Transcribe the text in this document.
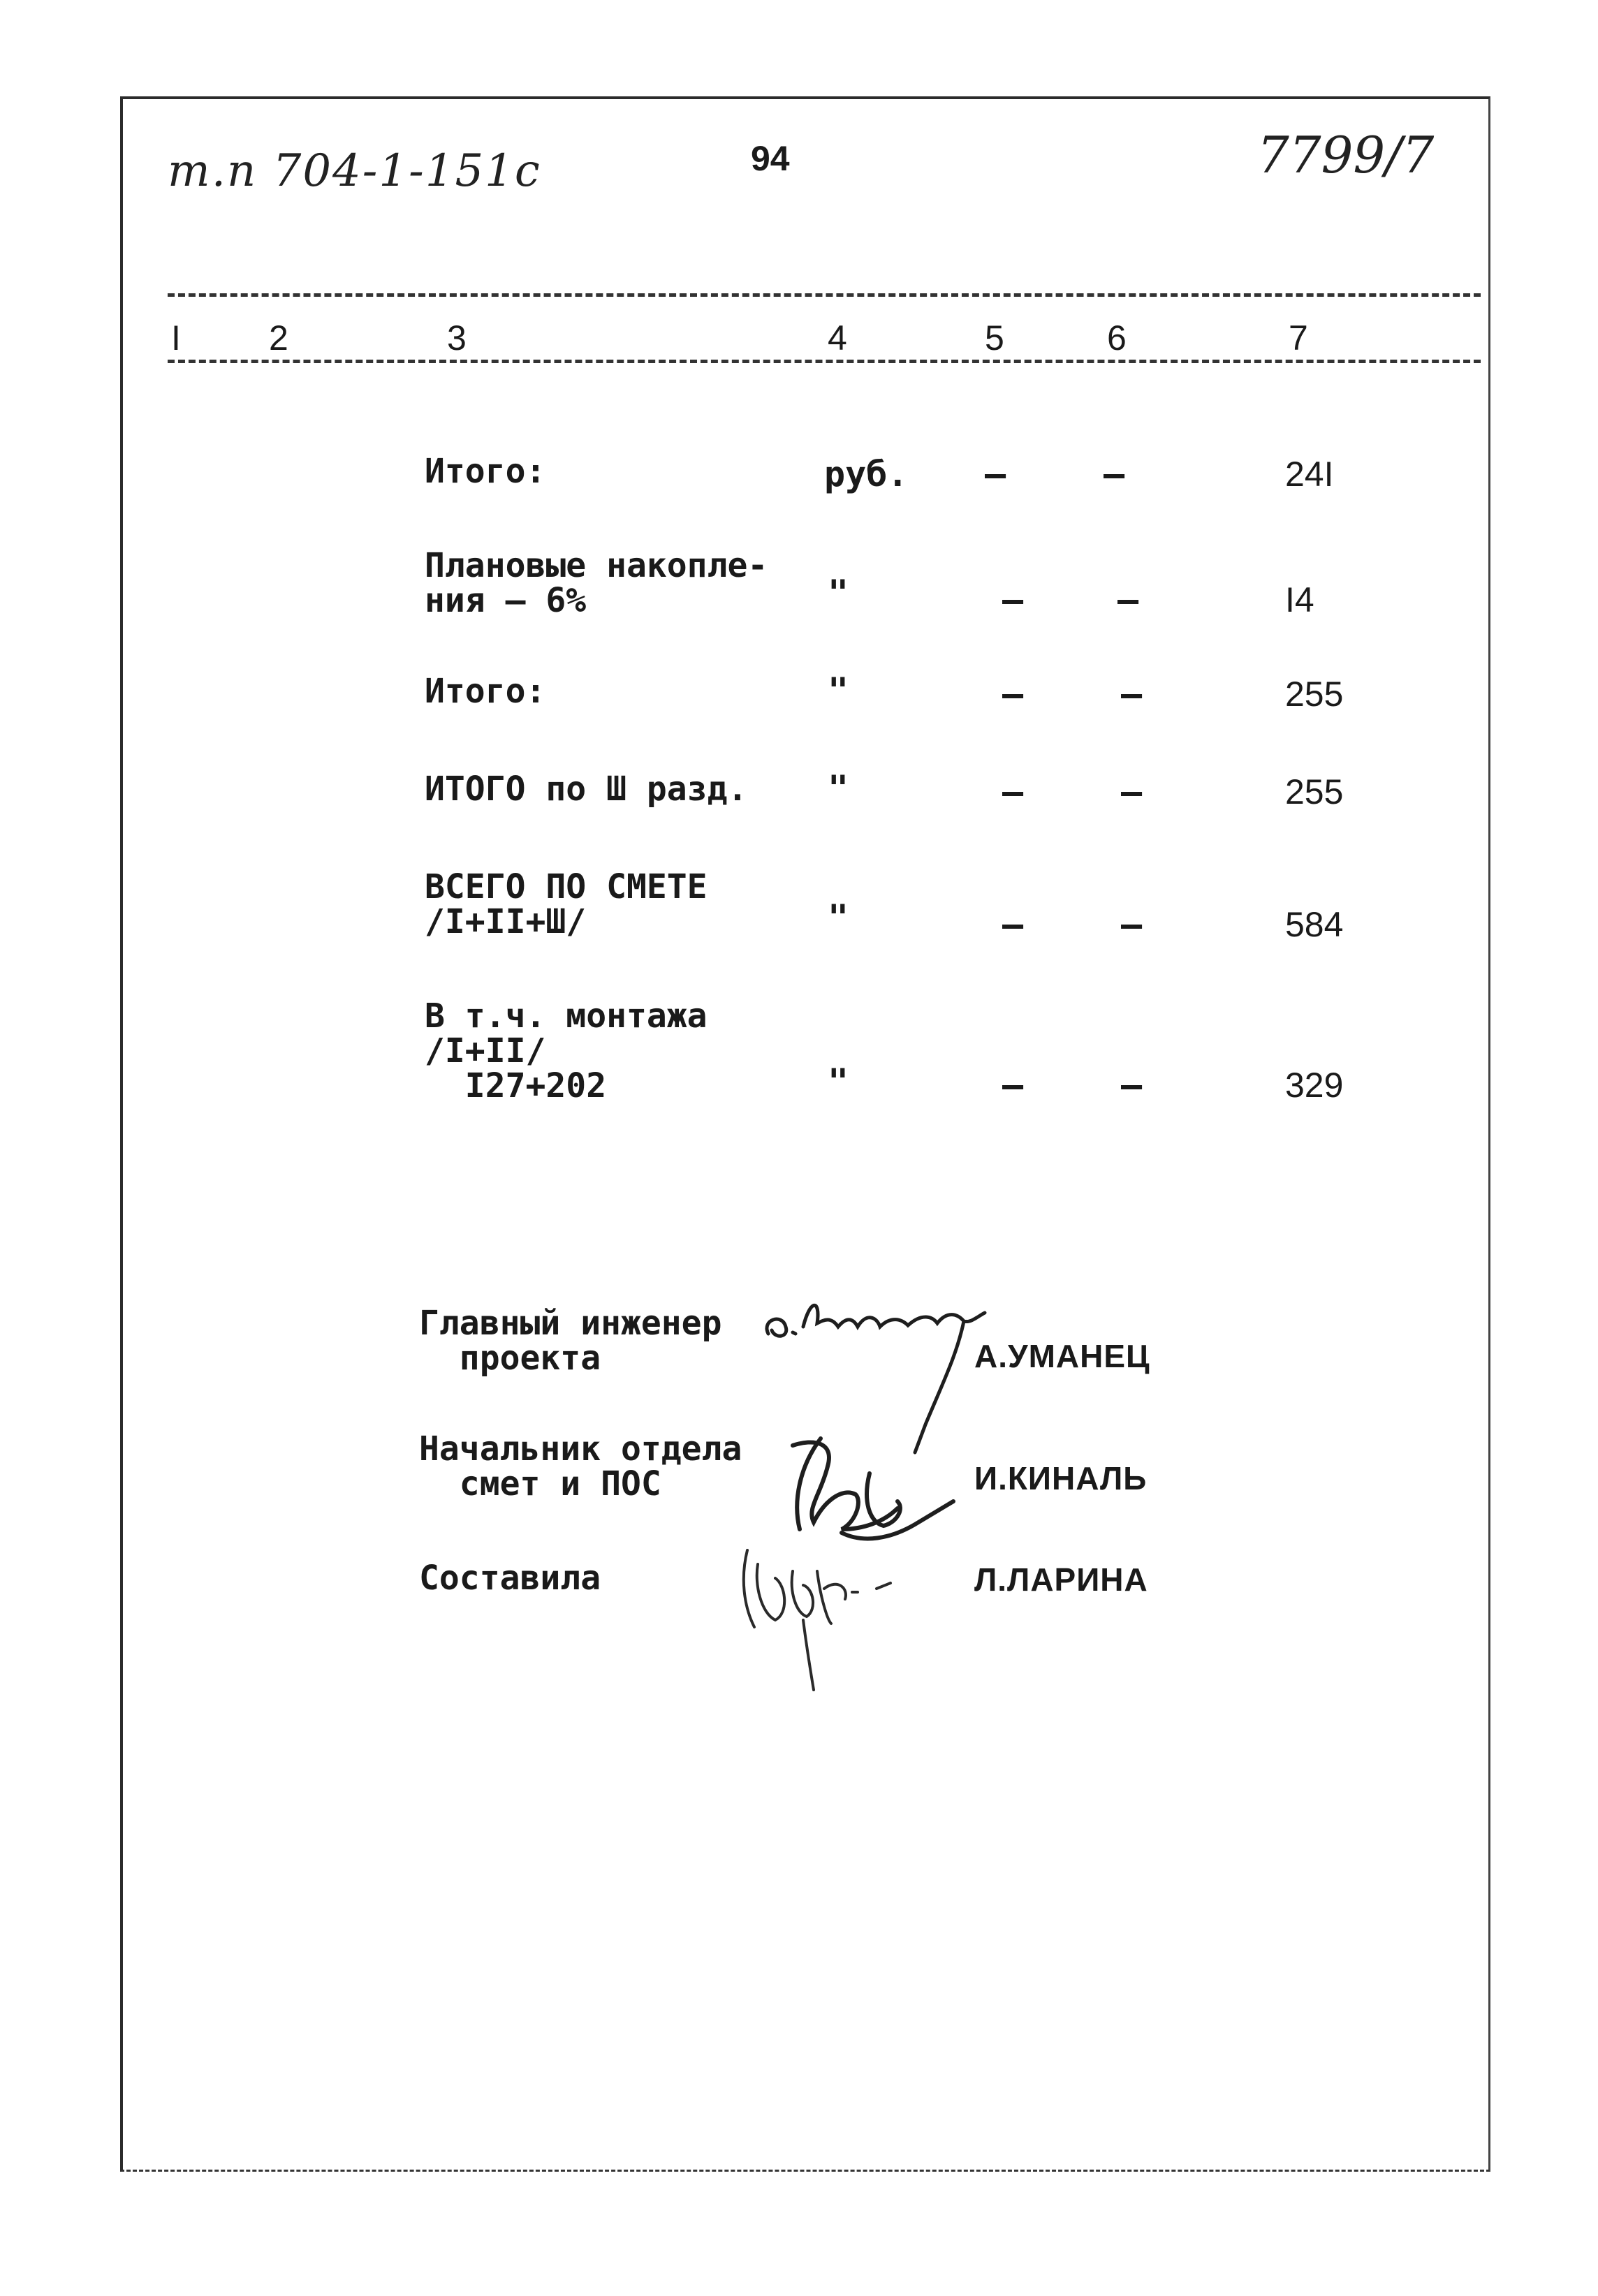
т.п 704-1-151с	94	7799/7
I	2	3	4	5	6	7
Итого:	руб. –	–	24I
Плановые накопле-
ния – 6%	"	–	–	I4
Итого:	"	–	–	255
ИТОГО по Ш разд. "	–	–	255
ВСЕГО ПО СМЕТЕ
/I+II+Ш/	"	–	–	584
В т.ч. монтажа
/I+II/
I27+202	"	–	–	329
Главный инженер
проекта	А.УМАНЕЦ
Начальник отдела
смет и ПОС	И.КИНАЛЬ
Составила	Л.ЛАРИНА
